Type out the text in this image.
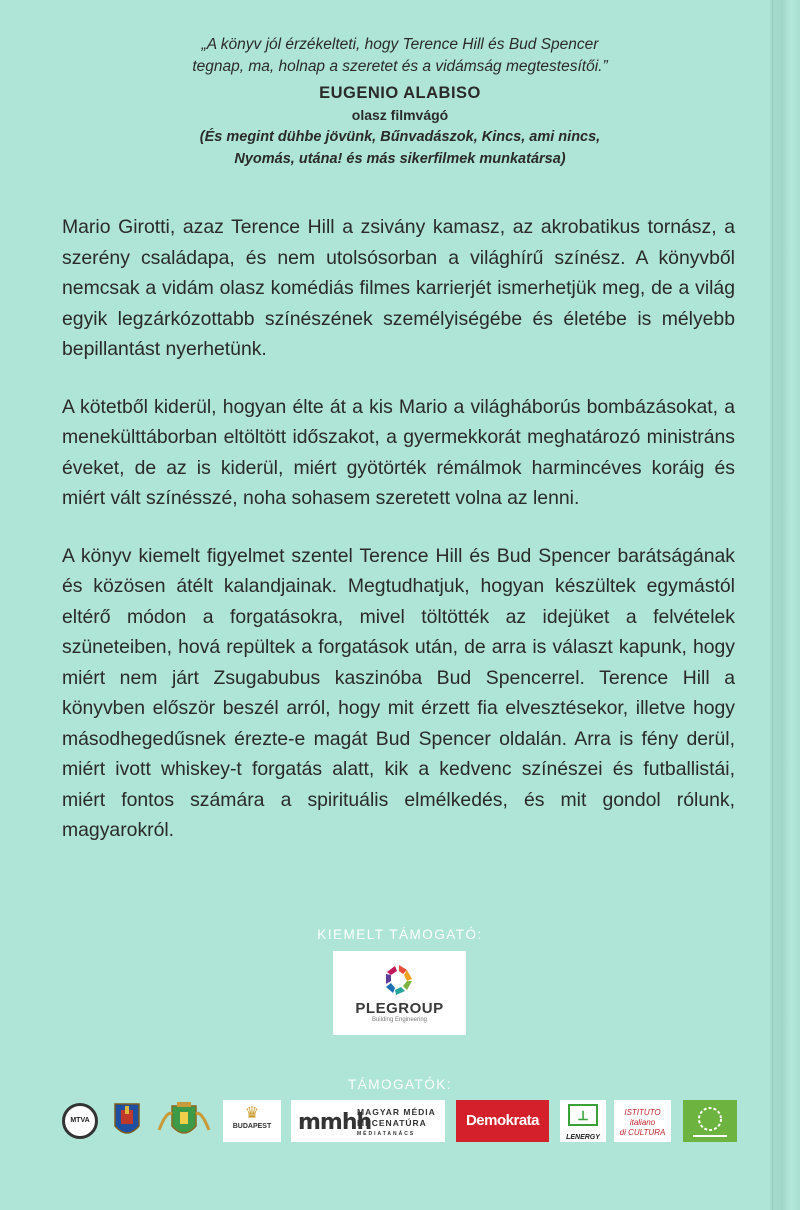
„A könyv jól érzékelteti, hogy Terence Hill és Bud Spencer
tegnap, ma, holnap a szeretet és a vidámság megtestesítői.”
EUGENIO ALABISO
olasz filmvágó
(És megint dühbe jövünk, Bűnvadászok, Kincs, ami nincs,
Nyomás, utána! és más sikerfilmek munkatársa)

Mario Girotti, azaz Terence Hill a zsivány kamasz, az akrobatikus tornász, a szerény családapa, és nem utolsósorban a világhírű színész. A könyvből nemcsak a vidám olasz komédiás filmes karrierjét ismerhetjük meg, de a világ egyik legzárkózottabb színészének személyiségébe és életébe is mélyebb bepillantást nyerhetünk.

A kötetből kiderül, hogyan élte át a kis Mario a világháborús bombázásokat, a menekülttáborban eltöltött időszakot, a gyermekkorát meghatározó ministráns éveket, de az is kiderül, miért gyötörték rémálmok harmincéves koráig és miért vált színésszé, noha sohasem szeretett volna az lenni.

A könyv kiemelt figyelmet szentel Terence Hill és Bud Spencer barátságának és közösen átélt kalandjainak. Megtudhatjuk, hogyan készültek egymástól eltérő módon a forgatásokra, mivel töltötték az idejüket a felvételek szüneteiben, hová repültek a forgatások után, de arra is választ kapunk, hogy miért nem járt Zsugabubus kaszinóba Bud Spencerrel. Terence Hill a könyvben először beszél arról, hogy mit érzett fia elvesztésekor, illetve hogy másodhegedűsnek érezte-e magát Bud Spencer oldalán. Arra is fény derül, miért ivott whiskey-t forgatás alatt, kik a kedvenc színészei és futballistái, miért fontos számára a spirituális elmélkedés, és mit gondol rólunk, magyarokról.

KIEMELT TÁMOGATÓ:
PLEGROUP
Building Engineering
TÁMOGATÓK:
MTVA	♛
BUDAPEST	mmhh
MAGYAR MÉDIA
MECENATÚRA
MÉDIATANÁCS
Demokrata	⟂
LENERGY
ISTITUTO
italiano
di CULTURA
